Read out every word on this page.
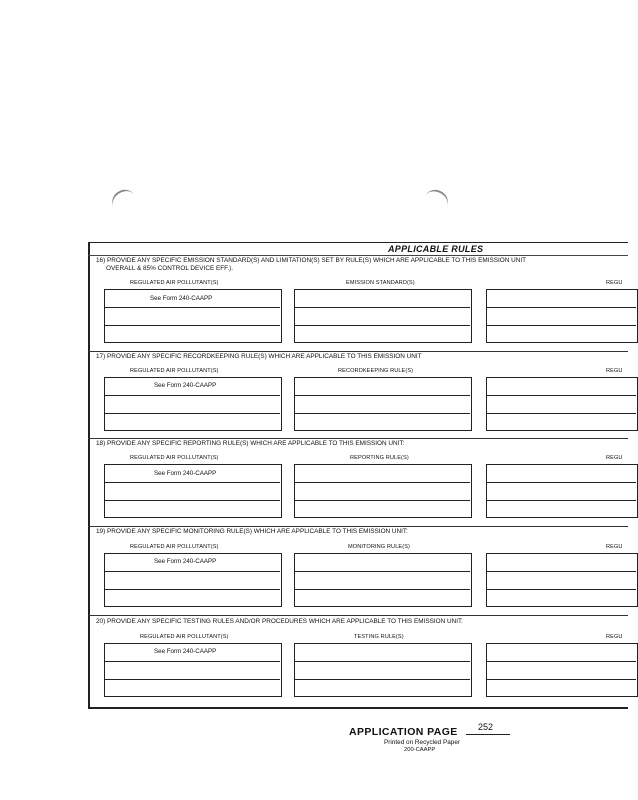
APPLICABLE RULES
16) PROVIDE ANY SPECIFIC EMISSION STANDARD(S) AND LIMITATION(S) SET BY RULE(S) WHICH ARE APPLICABLE TO THIS EMISSION UNIT
OVERALL & 85% CONTROL DEVICE EFF.).
REGULATED AIR POLLUTANT(S)	EMISSION STANDARD(S)	REGU
See Form 240-CAAPP
17) PROVIDE ANY SPECIFIC RECORDKEEPING RULE(S) WHICH ARE APPLICABLE TO THIS EMISSION UNIT
REGULATED AIR POLLUTANT(S)	RECORDKEEPING RULE(S)	REGU
See Form 240-CAAPP
18) PROVIDE ANY SPECIFIC REPORTING RULE(S) WHICH ARE APPLICABLE TO THIS EMISSION UNIT:
REGULATED AIR POLLUTANT(S)	REPORTING RULE(S)	REGU
See Form 240-CAAPP
19) PROVIDE ANY SPECIFIC MONITORING RULE(S) WHICH ARE APPLICABLE TO THIS EMISSION UNIT:
REGULATED AIR POLLUTANT(S)	MONITORING RULE(S)	REGU
See Form 240-CAAPP
20) PROVIDE ANY SPECIFIC TESTING RULES AND/OR PROCEDURES WHICH ARE APPLICABLE TO THIS EMISSION UNIT:
REGULATED AIR POLLUTANT(S)	TESTING RULE(S)	REGU
See Form 240-CAAPP
APPLICATION PAGE 252
Printed on Recycled Paper
200-CAAPP
